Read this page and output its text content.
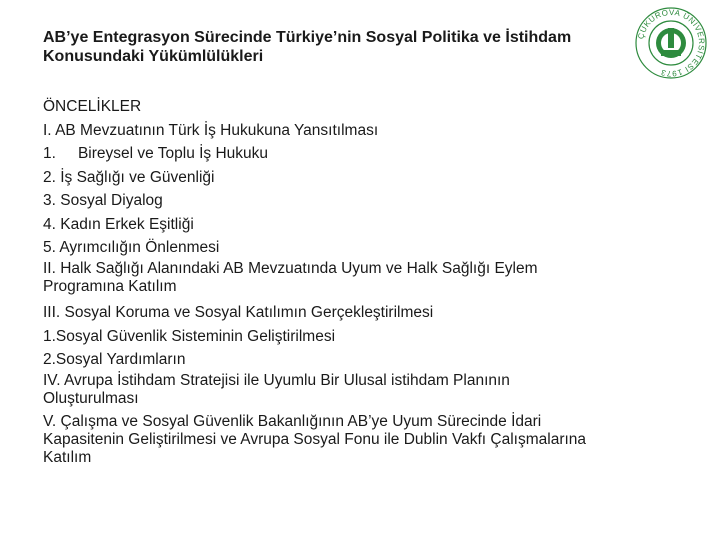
AB’ye Entegrasyon Sürecinde Türkiye’nin Sosyal Politika ve İstihdam
Konusundaki Yükümlülükleri
ÇUKUROVA ÜNİVERSİTESİ 1973
ÖNCELİKLER
I. AB Mevzuatının Türk İş Hukukuna Yansıtılması
1. Bireysel ve Toplu İş Hukuku
2. İş Sağlığı ve Güvenliği
3. Sosyal Diyalog
4. Kadın Erkek Eşitliği
5. Ayrımcılığın Önlenmesi
II. Halk Sağlığı Alanındaki AB Mevzuatında Uyum ve Halk Sağlığı Eylem
Programına Katılım
III. Sosyal Koruma ve Sosyal Katılımın Gerçekleştirilmesi
1.Sosyal Güvenlik Sisteminin Geliştirilmesi
2.Sosyal Yardımların
IV. Avrupa İstihdam Stratejisi ile Uyumlu Bir Ulusal istihdam Planının
Oluşturulması
V. Çalışma ve Sosyal Güvenlik Bakanlığının AB’ye Uyum Sürecinde İdari
Kapasitenin Geliştirilmesi ve Avrupa Sosyal Fonu ile Dublin Vakfı Çalışmalarına
Katılım
